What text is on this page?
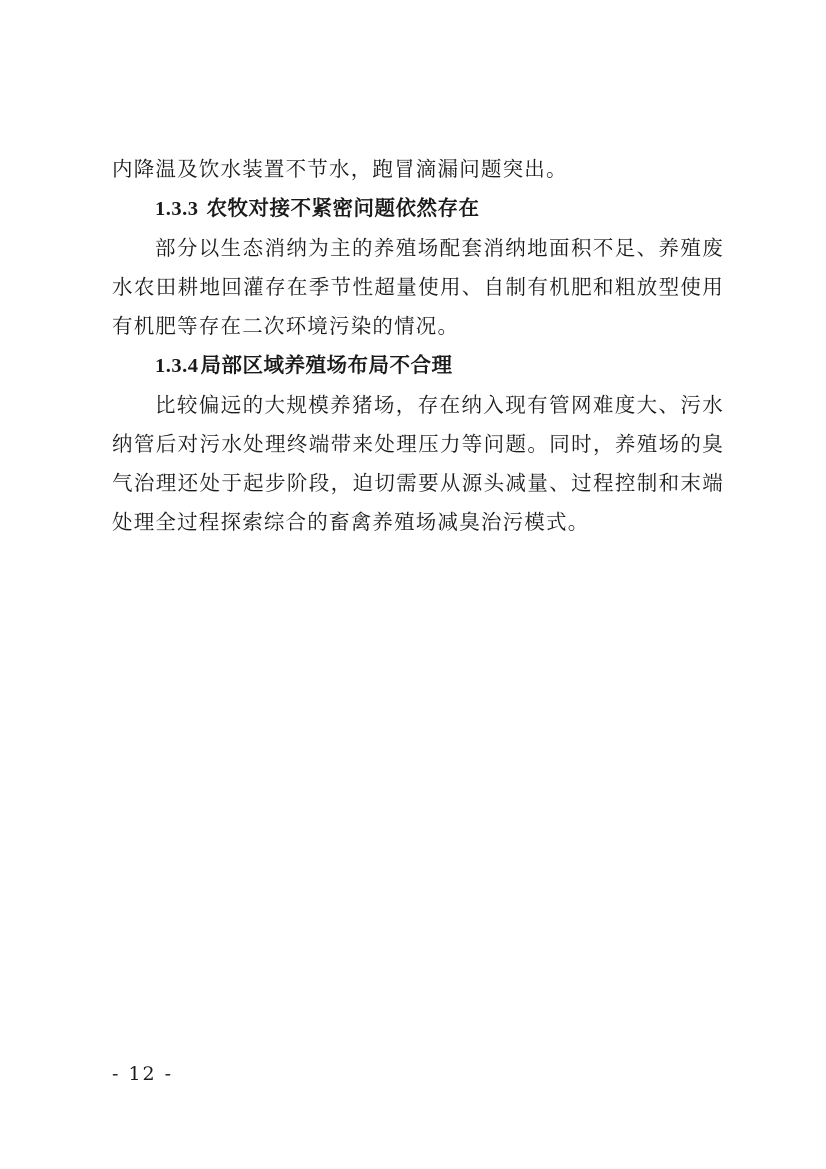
内降温及饮水装置不节水，跑冒滴漏问题突出。

1.3.3 农牧对接不紧密问题依然存在

部分以生态消纳为主的养殖场配套消纳地面积不足、养殖废水农田耕地回灌存在季节性超量使用、自制有机肥和粗放型使用有机肥等存在二次环境污染的情况。

1.3.4局部区域养殖场布局不合理

比较偏远的大规模养猪场，存在纳入现有管网难度大、污水纳管后对污水处理终端带来处理压力等问题。同时，养殖场的臭气治理还处于起步阶段，迫切需要从源头减量、过程控制和末端处理全过程探索综合的畜禽养殖场减臭治污模式。

- 12 -
